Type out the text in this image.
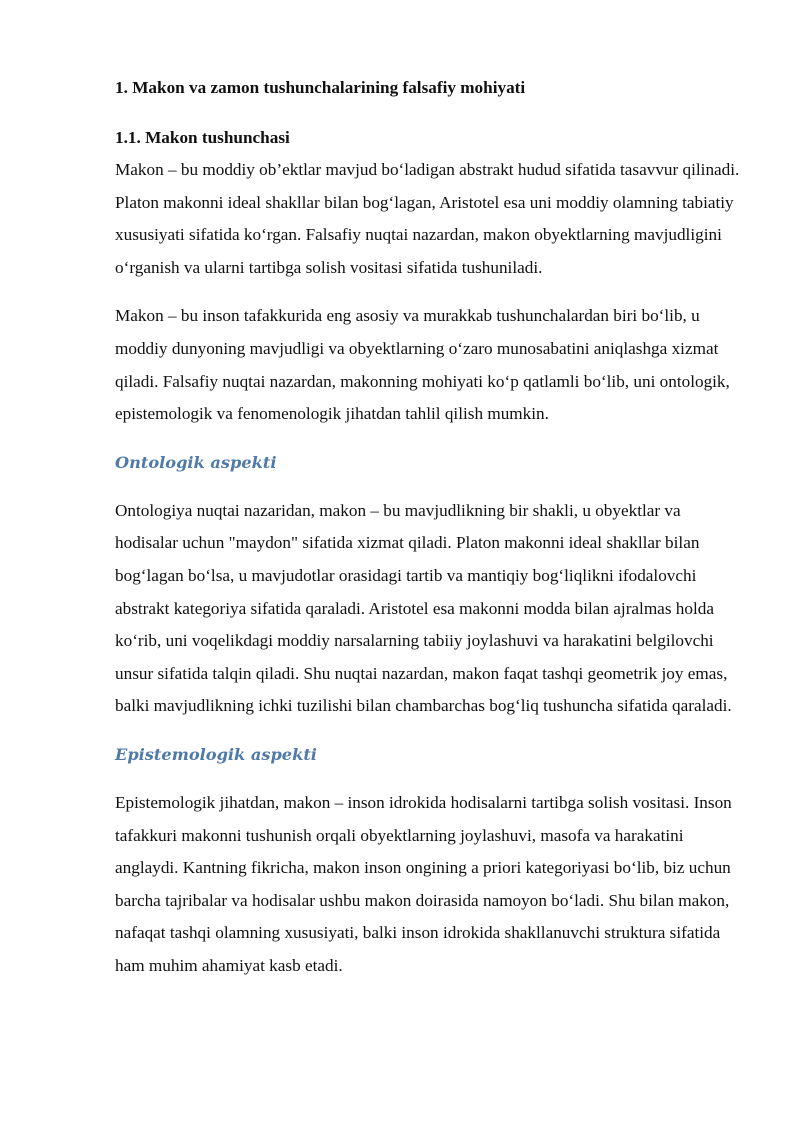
1. Makon va zamon tushunchalarining falsafiy mohiyati
1.1. Makon tushunchasi

Makon – bu moddiy ob’ektlar mavjud bo‘ladigan abstrakt hudud sifatida tasavvur qilinadi. Platon makonni ideal shakllar bilan bog‘lagan, Aristotel esa uni moddiy olamning tabiatiy xususiyati sifatida ko‘rgan. Falsafiy nuqtai nazardan, makon obyektlarning mavjudligini o‘rganish va ularni tartibga solish vositasi sifatida tushuniladi.

Makon – bu inson tafakkurida eng asosiy va murakkab tushunchalardan biri bo‘lib, u moddiy dunyoning mavjudligi va obyektlarning o‘zaro munosabatini aniqlashga xizmat qiladi. Falsafiy nuqtai nazardan, makonning mohiyati ko‘p qatlamli bo‘lib, uni ontologik, epistemologik va fenomenologik jihatdan tahlil qilish mumkin.

Ontologik aspekti

Ontologiya nuqtai nazaridan, makon – bu mavjudlikning bir shakli, u obyektlar va hodisalar uchun "maydon" sifatida xizmat qiladi. Platon makonni ideal shakllar bilan bog‘lagan bo‘lsa, u mavjudotlar orasidagi tartib va mantiqiy bog‘liqlikni ifodalovchi abstrakt kategoriya sifatida qaraladi. Aristotel esa makonni modda bilan ajralmas holda ko‘rib, uni voqelikdagi moddiy narsalarning tabiiy joylashuvi va harakatini belgilovchi unsur sifatida talqin qiladi. Shu nuqtai nazardan, makon faqat tashqi geometrik joy emas, balki mavjudlikning ichki tuzilishi bilan chambarchas bog‘liq tushuncha sifatida qaraladi.

Epistemologik aspekti

Epistemologik jihatdan, makon – inson idrokida hodisalarni tartibga solish vositasi. Inson tafakkuri makonni tushunish orqali obyektlarning joylashuvi, masofa va harakatini anglaydi. Kantning fikricha, makon inson ongining a priori kategoriyasi bo‘lib, biz uchun barcha tajribalar va hodisalar ushbu makon doirasida namoyon bo‘ladi. Shu bilan makon, nafaqat tashqi olamning xususiyati, balki inson idrokida shakllanuvchi struktura sifatida ham muhim ahamiyat kasb etadi.
